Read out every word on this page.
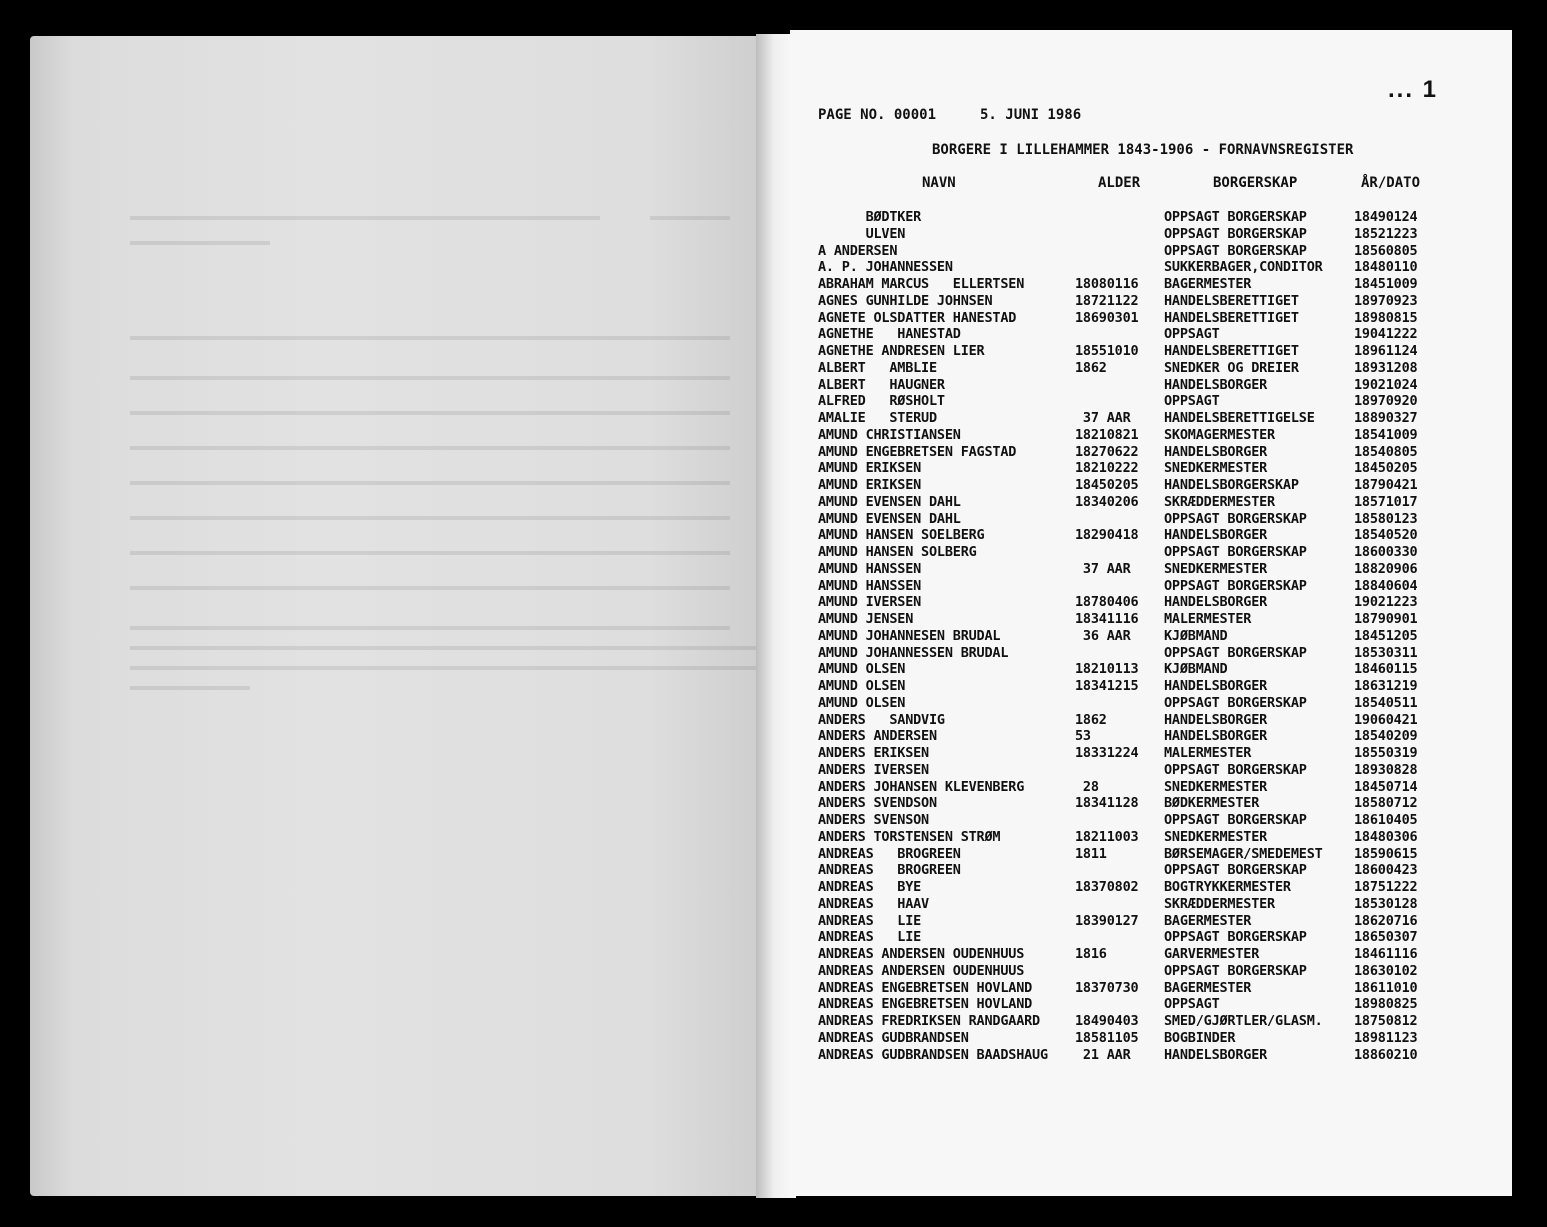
... 1
PAGE NO. 00001	5. JUNI 1986
BORGERE I LILLEHAMMER 1843-1906 - FORNAVNSREGISTER
NAVN	ALDER	BORGERSKAP	ÅR/DATO
BØDTKER	OPPSAGT BORGERSKAP	18490124
ULVEN	OPPSAGT BORGERSKAP	18521223
A ANDERSEN	OPPSAGT BORGERSKAP	18560805
A. P. JOHANNESSEN	SUKKERBAGER,CONDITOR 18480110
ABRAHAM MARCUS   ELLERTSEN	18080116 BAGERMESTER	18451009
AGNES GUNHILDE JOHNSEN	18721122 HANDELSBERETTIGET	18970923
AGNETE OLSDATTER HANESTAD	18690301 HANDELSBERETTIGET	18980815
AGNETHE   HANESTAD	OPPSAGT	19041222
AGNETHE ANDRESEN LIER	18551010 HANDELSBERETTIGET	18961124
ALBERT   AMBLIE	1862	SNEDKER OG DREIER	18931208
ALBERT   HAUGNER	HANDELSBORGER	19021024
ALFRED   RØSHOLT	OPPSAGT	18970920
AMALIE   STERUD	37 AAR HANDELSBERETTIGELSE	18890327
AMUND CHRISTIANSEN	18210821 SKOMAGERMESTER	18541009
AMUND ENGEBRETSEN FAGSTAD	18270622 HANDELSBORGER	18540805
AMUND ERIKSEN	18210222 SNEDKERMESTER	18450205
AMUND ERIKSEN	18450205 HANDELSBORGERSKAP	18790421
AMUND EVENSEN DAHL	18340206 SKRÆDDERMESTER	18571017
AMUND EVENSEN DAHL	OPPSAGT BORGERSKAP	18580123
AMUND HANSEN SOELBERG	18290418 HANDELSBORGER	18540520
AMUND HANSEN SOLBERG	OPPSAGT BORGERSKAP	18600330
AMUND HANSSEN	37 AAR SNEDKERMESTER	18820906
AMUND HANSSEN	OPPSAGT BORGERSKAP	18840604
AMUND IVERSEN	18780406 HANDELSBORGER	19021223
AMUND JENSEN	18341116 MALERMESTER	18790901
AMUND JOHANNESEN BRUDAL	36 AAR KJØBMAND	18451205
AMUND JOHANNESSEN BRUDAL	OPPSAGT BORGERSKAP	18530311
AMUND OLSEN	18210113 KJØBMAND	18460115
AMUND OLSEN	18341215 HANDELSBORGER	18631219
AMUND OLSEN	OPPSAGT BORGERSKAP	18540511
ANDERS   SANDVIG	1862	HANDELSBORGER	19060421
ANDERS ANDERSEN	53	HANDELSBORGER	18540209
ANDERS ERIKSEN	18331224 MALERMESTER	18550319
ANDERS IVERSEN	OPPSAGT BORGERSKAP	18930828
ANDERS JOHANSEN KLEVENBERG	28	SNEDKERMESTER	18450714
ANDERS SVENDSON	18341128 BØDKERMESTER	18580712
ANDERS SVENSON	OPPSAGT BORGERSKAP	18610405
ANDERS TORSTENSEN STRØM	18211003 SNEDKERMESTER	18480306
ANDREAS   BROGREEN	1811	BØRSEMAGER/SMEDEMEST 18590615
ANDREAS   BROGREEN	OPPSAGT BORGERSKAP	18600423
ANDREAS   BYE	18370802 BOGTRYKKERMESTER	18751222
ANDREAS   HAAV	SKRÆDDERMESTER	18530128
ANDREAS   LIE	18390127 BAGERMESTER	18620716
ANDREAS   LIE	OPPSAGT BORGERSKAP	18650307
ANDREAS ANDERSEN OUDENHUUS	1816	GARVERMESTER	18461116
ANDREAS ANDERSEN OUDENHUUS	OPPSAGT BORGERSKAP	18630102
ANDREAS ENGEBRETSEN HOVLAND	18370730 BAGERMESTER	18611010
ANDREAS ENGEBRETSEN HOVLAND	OPPSAGT	18980825
ANDREAS FREDRIKSEN RANDGAARD	18490403 SMED/GJØRTLER/GLASM. 18750812
ANDREAS GUDBRANDSEN	18581105 BOGBINDER	18981123
ANDREAS GUDBRANDSEN BAADSHAUG 21 AAR HANDELSBORGER	18860210
